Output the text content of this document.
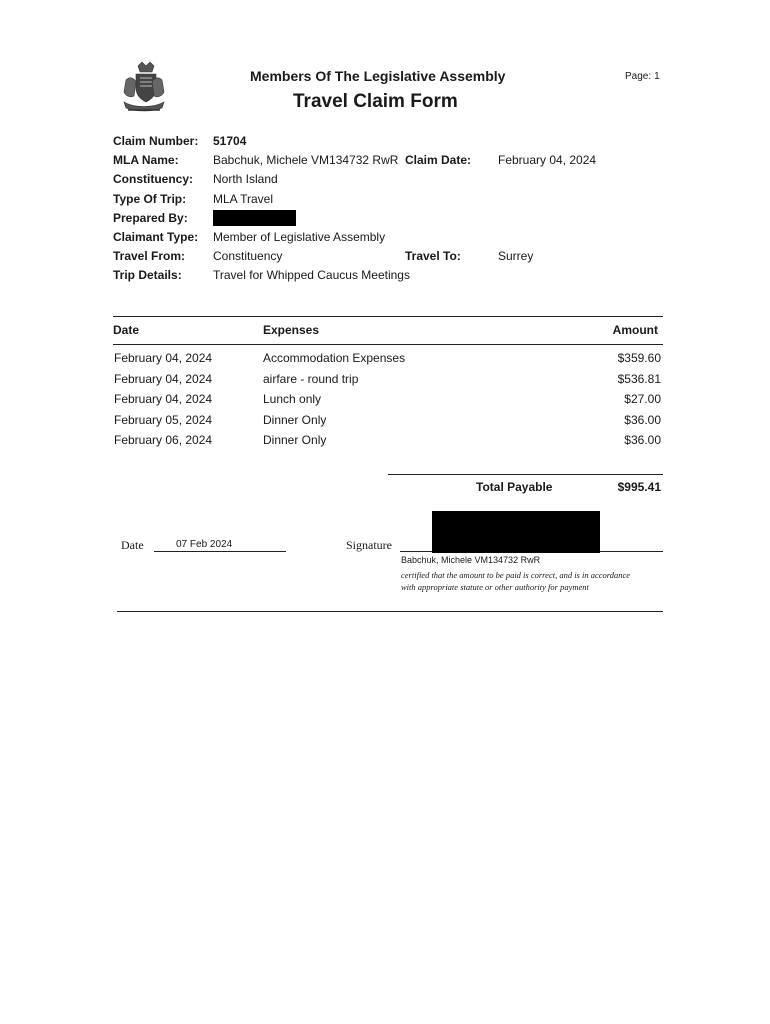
Members Of The Legislative Assembly	Page: 1
Travel Claim Form
Claim Number: 51704
MLA Name:	Babchuk, Michele VM134732 RwR Claim Date: February 04, 2024
Constituency: North Island
Type Of Trip: MLA Travel
Prepared By:
Claimant Type: Member of Legislative Assembly
Travel From: Constituency	Travel To:	Surrey
Trip Details:	Travel for Whipped Caucus Meetings
Date	Expenses	Amount
February 04, 2024	Accommodation Expenses	$359.60
February 04, 2024	airfare - round trip	$536.81
February 04, 2024	Lunch only	$27.00
February 05, 2024	Dinner Only	$36.00
February 06, 2024	Dinner Only	$36.00
Total Payable	$995.41
Date	07 Feb 2024	Signature
Babchuk, Michele VM134732 RwR
certified that the amount to be paid is correct, and is in accordance
with appropriate statute or other authority for payment
